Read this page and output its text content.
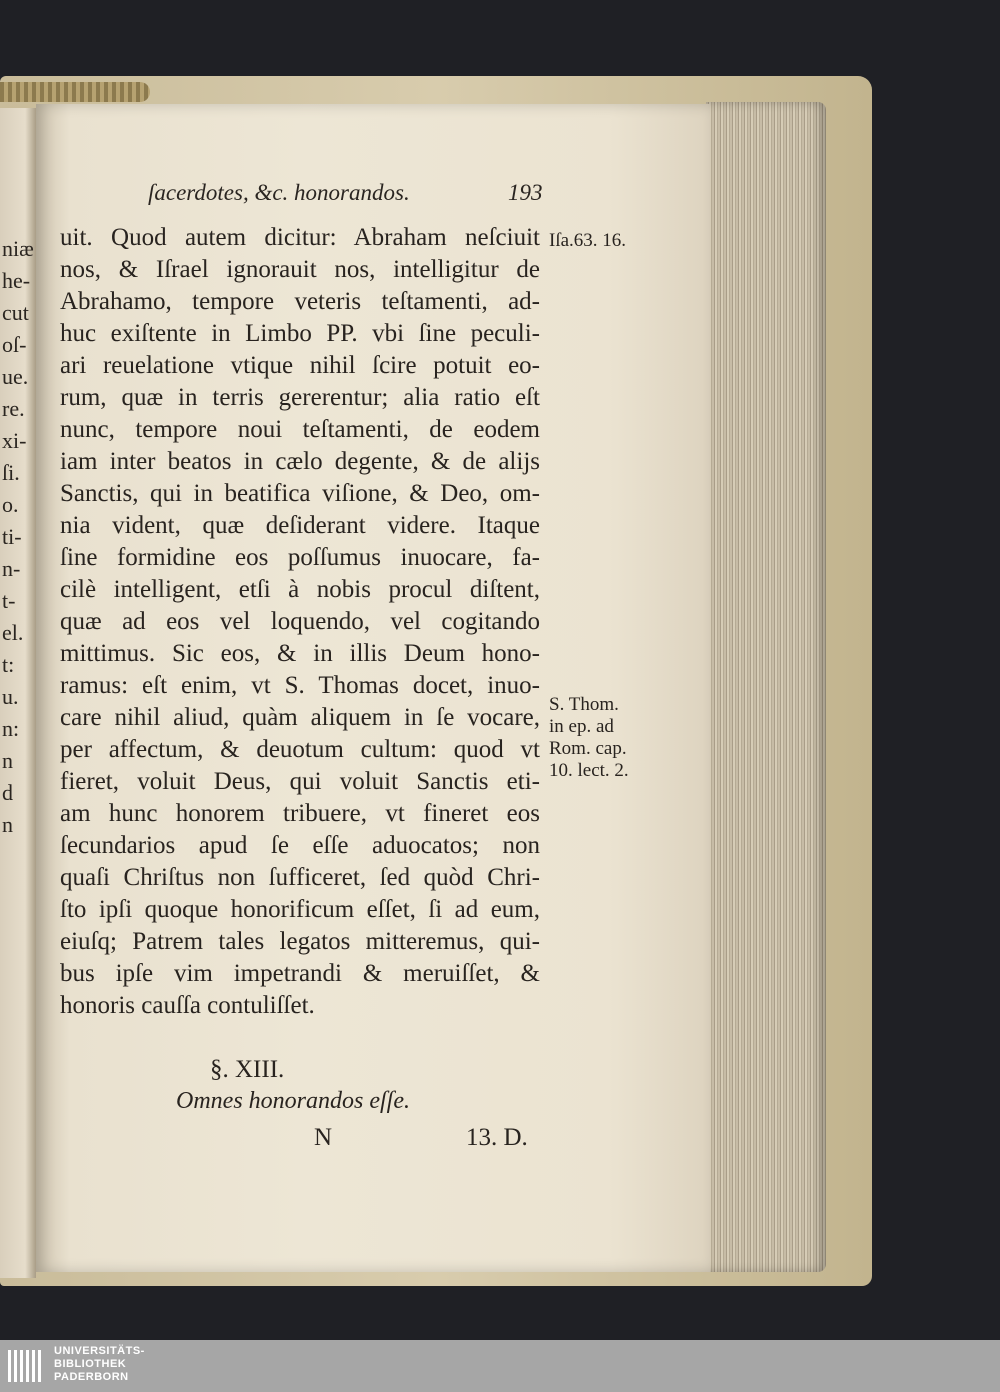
niæ
he-
cut
oſ-
ue.
re.
xi-
ſi.
o.
ti-
n-
t-
el.
t:
u.
n:
n
d
n
ſacerdotes, &c. honorandos.	193
uit. Quod autem dicitur: Abraham neſciuit
nos, & Iſrael ignorauit nos, intelligitur de
Abrahamo, tempore veteris teſtamenti, ad-
huc exiſtente in Limbo PP. vbi ſine peculi-
ari reuelatione vtique nihil ſcire potuit eo-
rum, quæ in terris gererentur; alia ratio eſt
nunc, tempore noui teſtamenti, de eodem
iam inter beatos in cælo degente, & de alijs
Sanctis, qui in beatifica viſione, & Deo, om-
nia vident, quæ deſiderant videre. Itaque
ſine formidine eos poſſumus inuocare, fa-
cilè intelligent, etſi à nobis procul diſtent,
quæ ad eos vel loquendo, vel cogitando
mittimus. Sic eos, & in illis Deum hono-
ramus: eſt enim, vt S. Thomas docet, inuo-
care nihil aliud, quàm aliquem in ſe vocare,
per affectum, & deuotum cultum: quod vt
fieret, voluit Deus, qui voluit Sanctis eti-
am hunc honorem tribuere, vt fineret eos
ſecundarios apud ſe eſſe aduocatos; non
quaſi Chriſtus non ſufficeret, ſed quòd Chri-
ſto ipſi quoque honorificum eſſet, ſi ad eum,
eiuſq; Patrem tales legatos mitteremus, qui-
bus ipſe vim impetrandi & meruiſſet, &
honoris cauſſa contuliſſet.
Iſa.63. 16.
S. Thom.
in ep. ad
Rom. cap.
10. lect. 2.
§. XIII.
Omnes honorandos eſſe.
N	13. D.
UNIVERSITÄTS-
BIBLIOTHEK
PADERBORN
